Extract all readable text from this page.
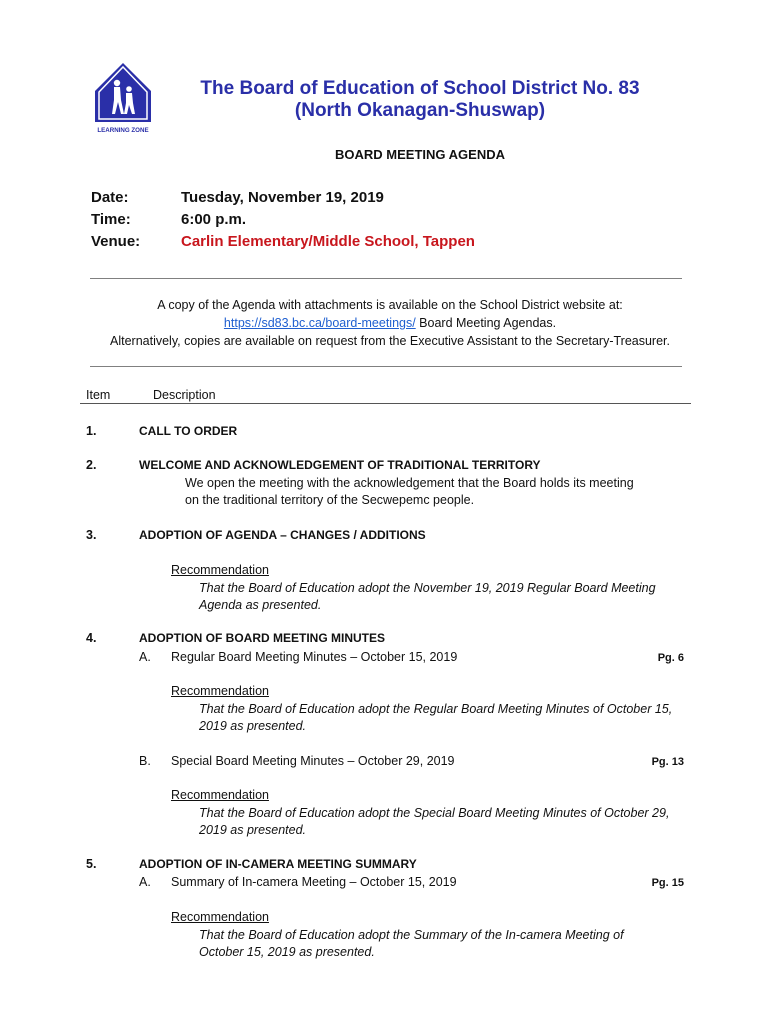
LEARNING ZONE
The Board of Education of School District No. 83
(North Okanagan-Shuswap)
BOARD MEETING AGENDA
Date:	Tuesday, November 19, 2019
Time:	6:00 p.m.
Venue:	Carlin Elementary/Middle School, Tappen
A copy of the Agenda with attachments is available on the School District website at:
https://sd83.bc.ca/board-meetings/ Board Meeting Agendas.
Alternatively, copies are available on request from the Executive Assistant to the Secretary-Treasurer.
Item	Description
1.	CALL TO ORDER
2.	WELCOME AND ACKNOWLEDGEMENT OF TRADITIONAL TERRITORY
We open the meeting with the acknowledgement that the Board holds its meeting
on the traditional territory of the Secwepemc people.
3.	ADOPTION OF AGENDA – CHANGES / ADDITIONS
Recommendation
That the Board of Education adopt the November 19, 2019 Regular Board Meeting
Agenda as presented.
4.	ADOPTION OF BOARD MEETING MINUTES
A. Regular Board Meeting Minutes – October 15, 2019	Pg. 6
Recommendation
That the Board of Education adopt the Regular Board Meeting Minutes of October 15,
2019 as presented.
B. Special Board Meeting Minutes – October 29, 2019	Pg. 13
Recommendation
That the Board of Education adopt the Special Board Meeting Minutes of October 29,
2019 as presented.
5.	ADOPTION OF IN-CAMERA MEETING SUMMARY
A. Summary of In-camera Meeting – October 15, 2019	Pg. 15
Recommendation
That the Board of Education adopt the Summary of the In-camera Meeting of
October 15, 2019 as presented.
